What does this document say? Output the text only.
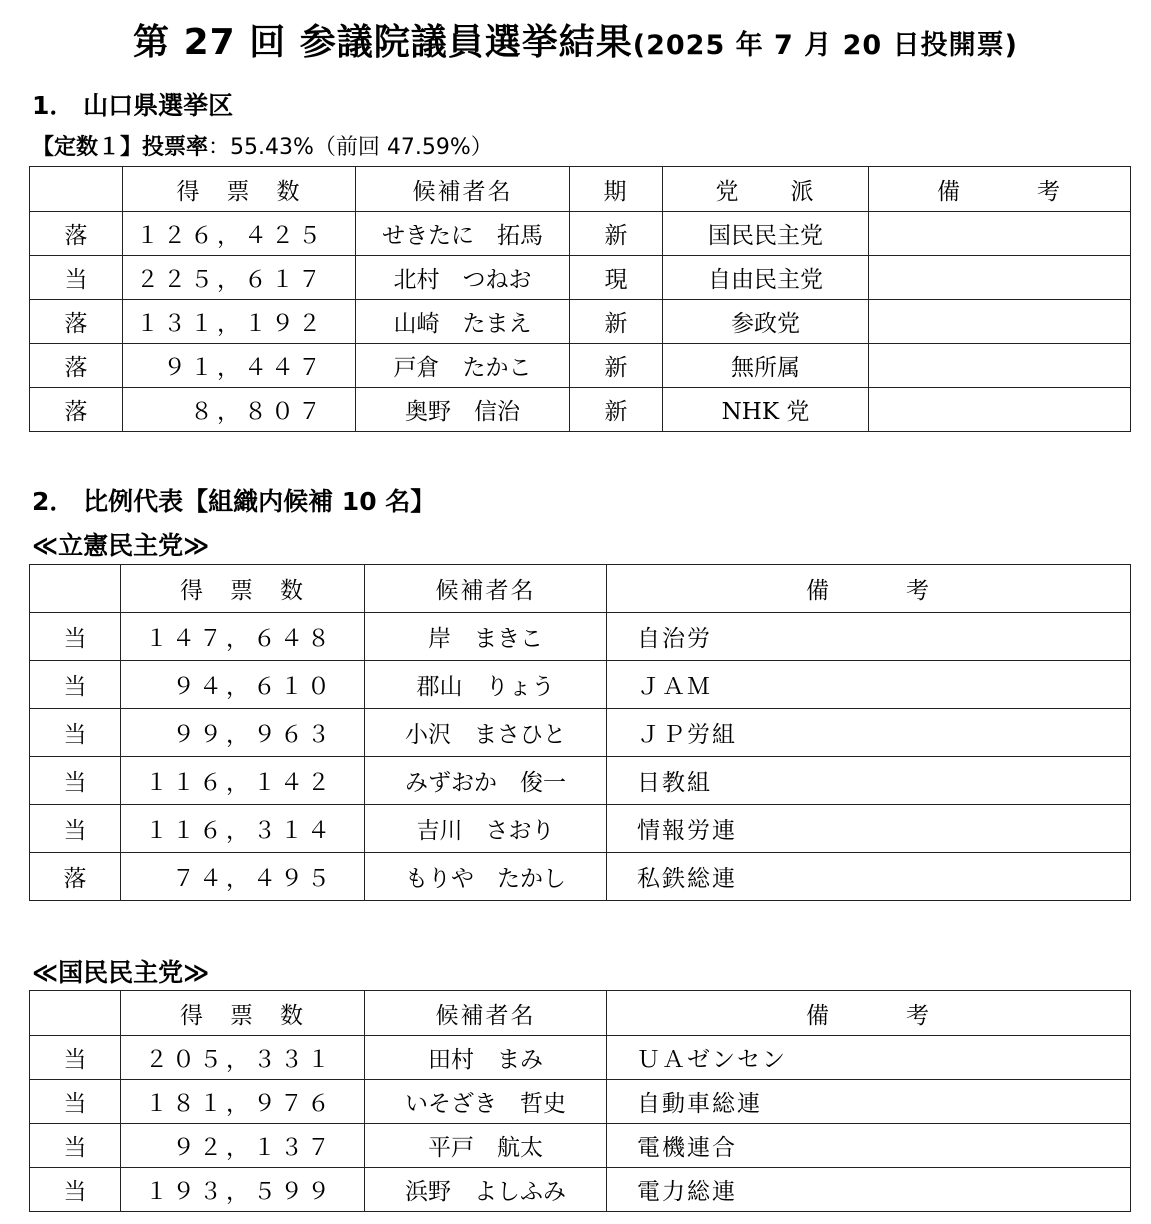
第 27 回 参議院議員選挙結果(2025 年 7 月 20 日投開票)
1． 山口県選挙区
【定数１】投票率：55.43%（前回 47.59%）
	得　票　数	候補者名	期	党　　派	備　　　考
落	１２６，４２５	せきたに　拓馬	新	国民民主党	
当	２２５，６１７	北村　つねお	現	自由民主党	
落	１３１，１９２	山崎　たまえ	新	参政党	
落	９１，４４７	戸倉　たかこ	新	無所属	
落	８，８０７	奥野　信治	新	NHK 党	
2． 比例代表【組織内候補 10 名】
≪立憲民主党≫
	得　票　数	候補者名	備　　　考
当	１４７，６４８	岸　まきこ	自治労
当	９４，６１０	郡山　りょう	ＪＡＭ
当	９９，９６３	小沢　まさひと	ＪＰ労組
当	１１６，１４２	みずおか　俊一	日教組
当	１１６，３１４	吉川　さおり	情報労連
落	７４，４９５	もりや　たかし	私鉄総連
≪国民民主党≫
	得　票　数	候補者名	備　　　考
当	２０５，３３１	田村　まみ	ＵＡゼンセン
当	１８１，９７６	いそざき　哲史	自動車総連
当	９２，１３７	平戸　航太	電機連合
当	１９３，５９９	浜野　よしふみ	電力総連
